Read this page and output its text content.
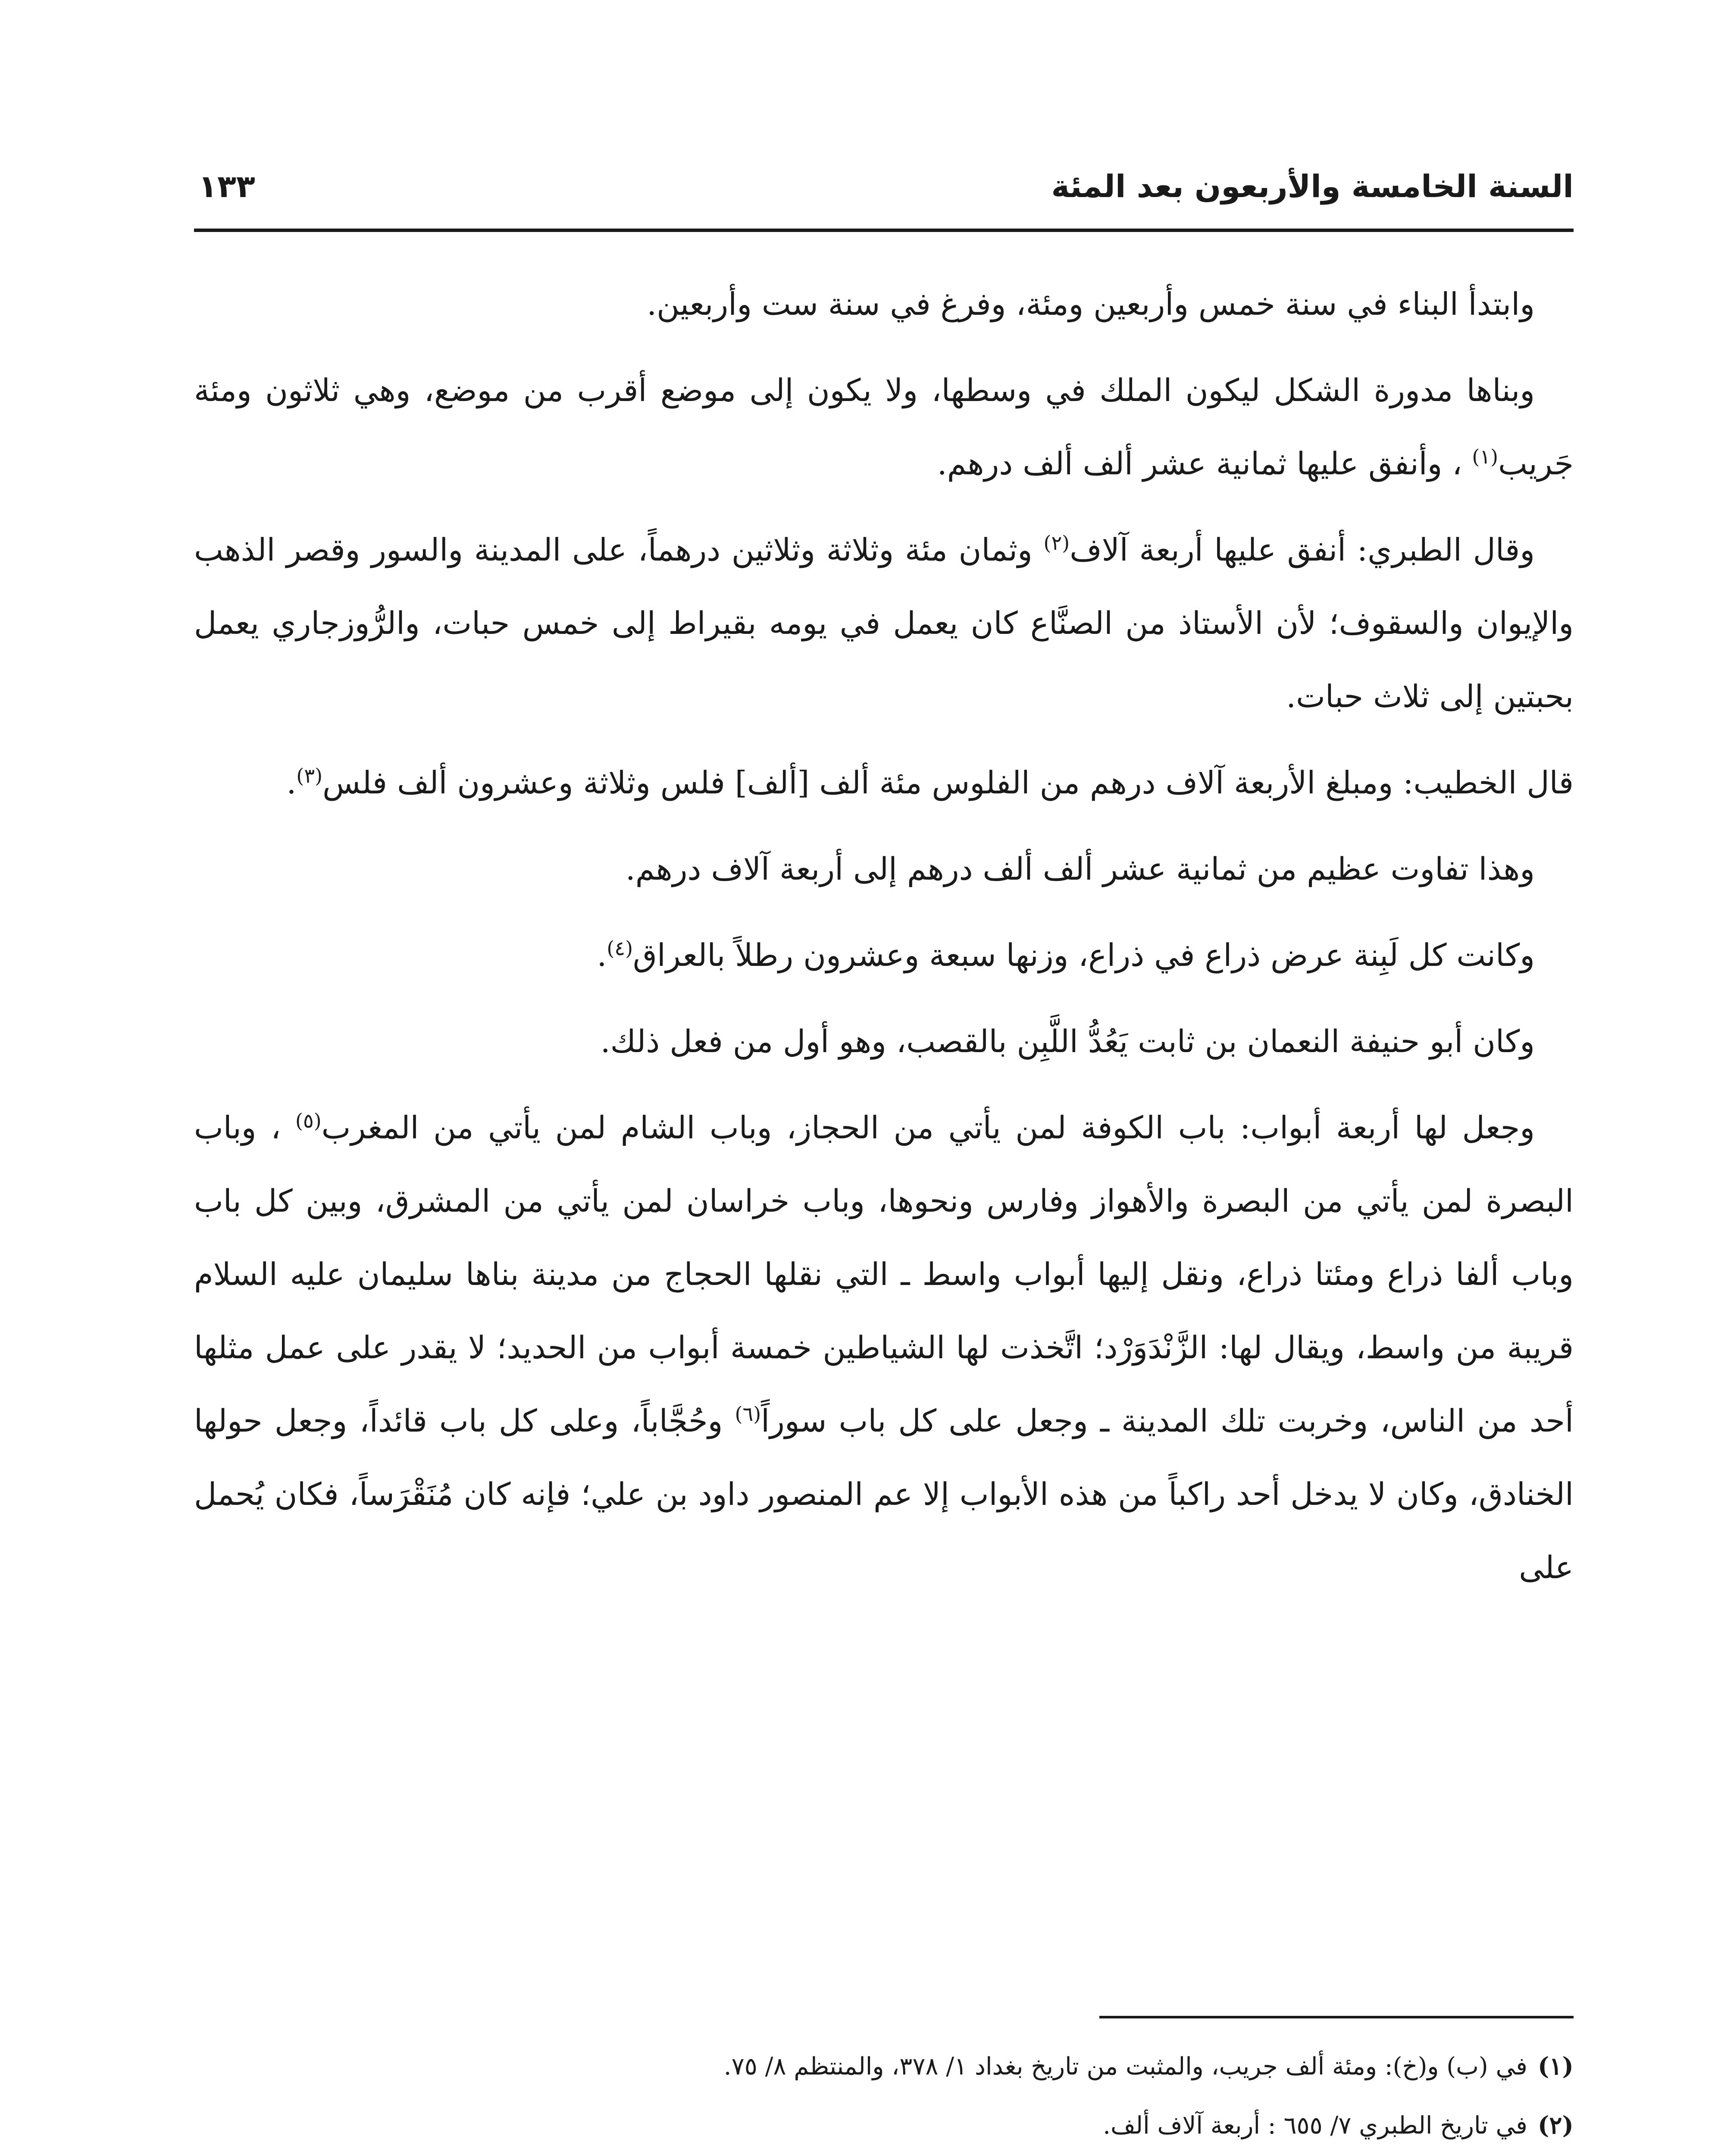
السنة الخامسة والأربعون بعد المئة
١٣٣

وابتدأ البناء في سنة خمس وأربعين ومئة، وفرغ في سنة ست وأربعين.

وبناها مدورة الشكل ليكون الملك في وسطها، ولا يكون إلى موضع أقرب من موضع، وهي ثلاثون ومئة جَريب$^{(١)}$ ، وأنفق عليها ثمانية عشر ألف ألف درهم.

وقال الطبري: أنفق عليها أربعة آلاف$^{(٢)}$ وثمان مئة وثلاثة وثلاثين درهماً، على المدينة والسور وقصر الذهب والإيوان والسقوف؛ لأن الأستاذ من الصنَّاع كان يعمل في يومه بقيراط إلى خمس حبات، والرُّوزجاري يعمل بحبتين إلى ثلاث حبات.

قال الخطيب: ومبلغ الأربعة آلاف درهم من الفلوس مئة ألف [ألف] فلس وثلاثة وعشرون ألف فلس$^{(٣)}$.

وهذا تفاوت عظيم من ثمانية عشر ألف ألف درهم إلى أربعة آلاف درهم.

وكانت كل لَبِنة عرض ذراع في ذراع، وزنها سبعة وعشرون رطلاً بالعراق$^{(٤)}$.

وكان أبو حنيفة النعمان بن ثابت يَعُدُّ اللَّبِن بالقصب، وهو أول من فعل ذلك.

وجعل لها أربعة أبواب: باب الكوفة لمن يأتي من الحجاز، وباب الشام لمن يأتي من المغرب$^{(٥)}$ ، وباب البصرة لمن يأتي من البصرة والأهواز وفارس ونحوها، وباب خراسان لمن يأتي من المشرق، وبين كل باب وباب ألفا ذراع ومئتا ذراع، ونقل إليها أبواب واسط ـ التي نقلها الحجاج من مدينة بناها سليمان عليه السلام قريبة من واسط، ويقال لها: الزَّنْدَوَرْد؛ اتَّخذت لها الشياطين خمسة أبواب من الحديد؛ لا يقدر على عمل مثلها أحد من الناس، وخربت تلك المدينة ـ وجعل على كل باب سوراً$^{(٦)}$ وحُجَّاباً، وعلى كل باب قائداً، وجعل حولها الخنادق، وكان لا يدخل أحد راكباً من هذه الأبواب إلا عم المنصور داود بن علي؛ فإنه كان مُنَقْرَساً، فكان يُحمل على

(١)في (ب) و(خ): ومئة ألف جريب، والمثبت من تاريخ بغداد ١/ ٣٧٨، والمنتظم ٨/ ٧٥.
(٢)في تاريخ الطبري ٧/ ٦٥٥ : أربعة آلاف ألف.
